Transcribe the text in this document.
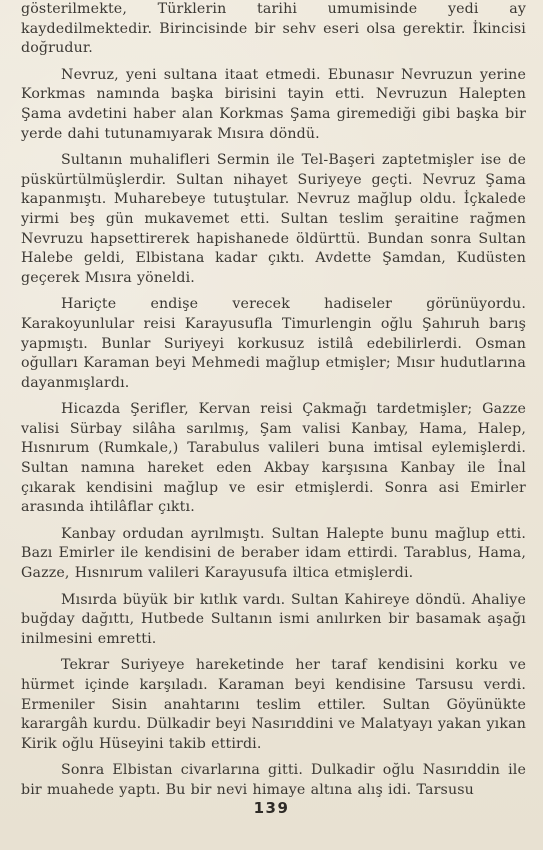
gösterilmekte, Türklerin tarihi umumisinde yedi ay kaydedilmektedir. Birincisinde bir sehv eseri olsa gerektir. İkincisi doğrudur.

Nevruz, yeni sultana itaat etmedi. Ebunasır Nevruzun yerine Korkmas namında başka birisini tayin etti. Nevruzun Halepten Şama avdetini haber alan Korkmas Şama giremediği gibi başka bir yerde dahi tutunamıyarak Mısıra döndü.

Sultanın muhalifleri Sermin ile Tel-Başeri zaptetmişler ise de püskürtülmüşlerdir. Sultan nihayet Suriyeye geçti. Nevruz Şama kapanmıştı. Muharebeye tutuştular. Nevruz mağlup oldu. İçkalede yirmi beş gün mukavemet etti. Sultan teslim şeraitine rağmen Nevruzu hapsettirerek hapishanede öldürttü. Bundan sonra Sultan Halebe geldi, Elbistana kadar çıktı. Avdette Şamdan, Kudüsten geçerek Mısıra yöneldi.

Hariçte endişe verecek hadiseler görünüyordu. Karakoyunlular reisi Karayusufla Timurlengin oğlu Şahıruh barış yapmıştı. Bunlar Suriyeyi korkusuz istilâ edebilirlerdi. Osman oğulları Karaman beyi Mehmedi mağlup etmişler; Mısır hudutlarına dayanmışlardı.

Hicazda Şerifler, Kervan reisi Çakmağı tardetmişler; Gazze valisi Sürbay silâha sarılmış, Şam valisi Kanbay, Hama, Halep, Hısnırum (Rumkale,) Tarabulus valileri buna imtisal eylemişlerdi. Sultan namına hareket eden Akbay karşısına Kanbay ile İnal çıkarak kendisini mağlup ve esir etmişlerdi. Sonra asi Emirler arasında ihtilâflar çıktı.

Kanbay ordudan ayrılmıştı. Sultan Halepte bunu mağlup etti. Bazı Emirler ile kendisini de beraber idam ettirdi. Tarablus, Hama, Gazze, Hısnırum valileri Karayusufa iltica etmişlerdi.

Mısırda büyük bir kıtlık vardı. Sultan Kahireye döndü. Ahaliye buğday dağıttı, Hutbede Sultanın ismi anılırken bir basamak aşağı inilmesini emretti.

Tekrar Suriyeye hareketinde her taraf kendisini korku ve hürmet içinde karşıladı. Karaman beyi kendisine Tarsusu verdi. Ermeniler Sisin anahtarını teslim ettiler. Sultan Göyünükte karargâh kurdu. Dülkadir beyi Nasırıddini ve Malatyayı yakan yıkan Kirik oğlu Hüseyini takib ettirdi.

Sonra Elbistan civarlarına gitti. Dulkadir oğlu Nasırıddin ile bir muahede yaptı. Bu bir nevi himaye altına alış idi. Tarsusu

139
